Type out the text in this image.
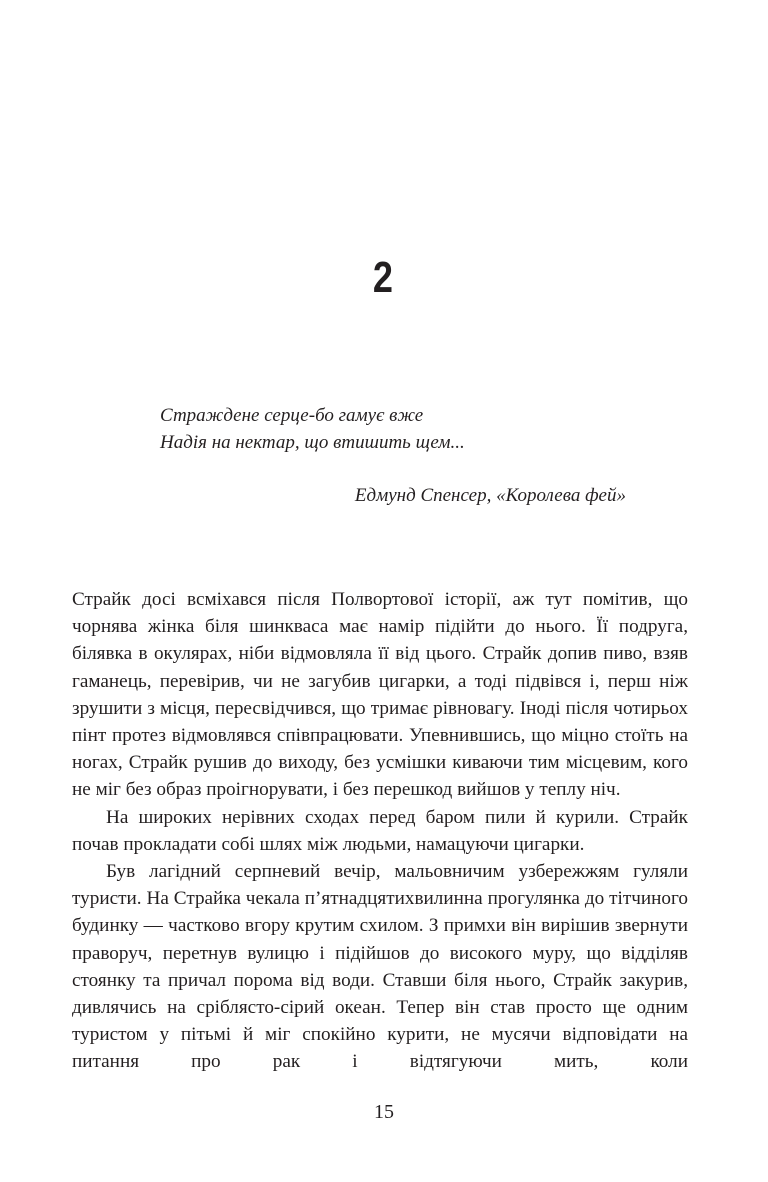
2
Страждене серце-бо гамує вже
Надія на нектар, що втишить щем...
Едмунд Спенсер, «Королева фей»

Страйк досі всміхався після Полвортової історії, аж тут помітив, що чорнява жінка біля шинкваса має намір підійти до нього. Її подруга, білявка в окулярах, ніби відмовляла її від цього. Страйк допив пиво, взяв гаманець, перевірив, чи не загубив цигарки, а тоді підвівся і, перш ніж зрушити з місця, пересвідчився, що тримає рівновагу. Іноді після чотирьох пінт протез відмовлявся співпрацювати. Упевнившись, що міцно стоїть на ногах, Страйк рушив до виходу, без усмішки киваючи тим місцевим, кого не міг без образ проігнорувати, і без перешкод вийшов у теплу ніч.

На широких нерівних сходах перед баром пили й курили. Страйк почав прокладати собі шлях між людьми, намацуючи цигарки.

Був лагідний серпневий вечір, мальовничим узбережжям гуляли туристи. На Страйка чекала п’ятнадцятихвилинна прогулянка до тітчиного будинку — частково вгору крутим схилом. З примхи він вирішив звернути праворуч, перетнув вулицю і підійшов до високого муру, що відділяв стоянку та причал порома від води. Ставши біля нього, Страйк закурив, дивлячись на сріблясто-сірий океан. Тепер він став просто ще одним туристом у пітьмі й міг спокійно курити, не мусячи відповідати на питання про рак і відтягуючи мить, коли

15
